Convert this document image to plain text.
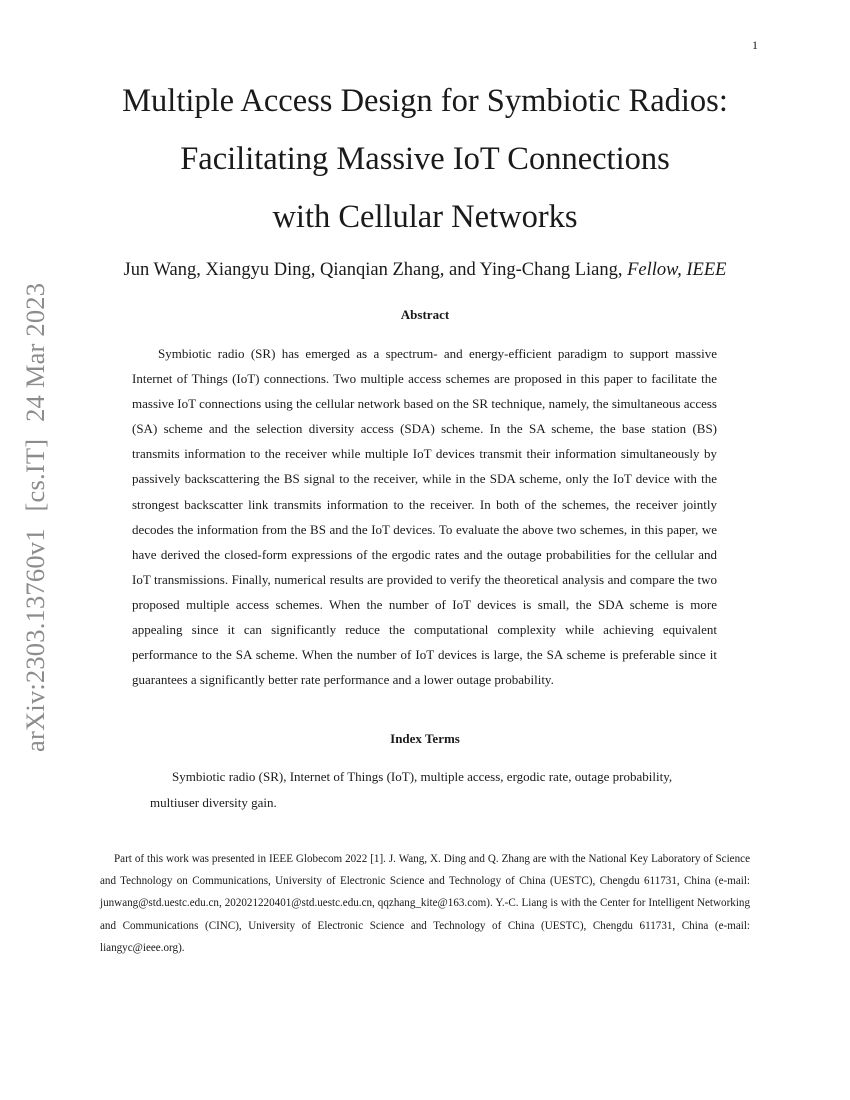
1
arXiv:2303.13760v1 [cs.IT] 24 Mar 2023
Multiple Access Design for Symbiotic Radios:
Facilitating Massive IoT Connections
with Cellular Networks
Jun Wang, Xiangyu Ding, Qianqian Zhang, and Ying-Chang Liang, Fellow, IEEE
Abstract

Symbiotic radio (SR) has emerged as a spectrum- and energy-efficient paradigm to support massive Internet of Things (IoT) connections. Two multiple access schemes are proposed in this paper to facilitate the massive IoT connections using the cellular network based on the SR technique, namely, the simultaneous access (SA) scheme and the selection diversity access (SDA) scheme. In the SA scheme, the base station (BS) transmits information to the receiver while multiple IoT devices transmit their information simultaneously by passively backscattering the BS signal to the receiver, while in the SDA scheme, only the IoT device with the strongest backscatter link transmits information to the receiver. In both of the schemes, the receiver jointly decodes the information from the BS and the IoT devices. To evaluate the above two schemes, in this paper, we have derived the closed-form expressions of the ergodic rates and the outage probabilities for the cellular and IoT transmissions. Finally, numerical results are provided to verify the theoretical analysis and compare the two proposed multiple access schemes. When the number of IoT devices is small, the SDA scheme is more appealing since it can significantly reduce the computational complexity while achieving equivalent performance to the SA scheme. When the number of IoT devices is large, the SA scheme is preferable since it guarantees a significantly better rate performance and a lower outage probability.

Index Terms

Symbiotic radio (SR), Internet of Things (IoT), multiple access, ergodic rate, outage probability, multiuser diversity gain.

Part of this work was presented in IEEE Globecom 2022 [1]. J. Wang, X. Ding and Q. Zhang are with the National Key Laboratory of Science and Technology on Communications, University of Electronic Science and Technology of China (UESTC), Chengdu 611731, China (e-mail: junwang@std.uestc.edu.cn, 202021220401@std.uestc.edu.cn, qqzhang_kite@163.com). Y.-C. Liang is with the Center for Intelligent Networking and Communications (CINC), University of Electronic Science and Technology of China (UESTC), Chengdu 611731, China (e-mail: liangyc@ieee.org).
